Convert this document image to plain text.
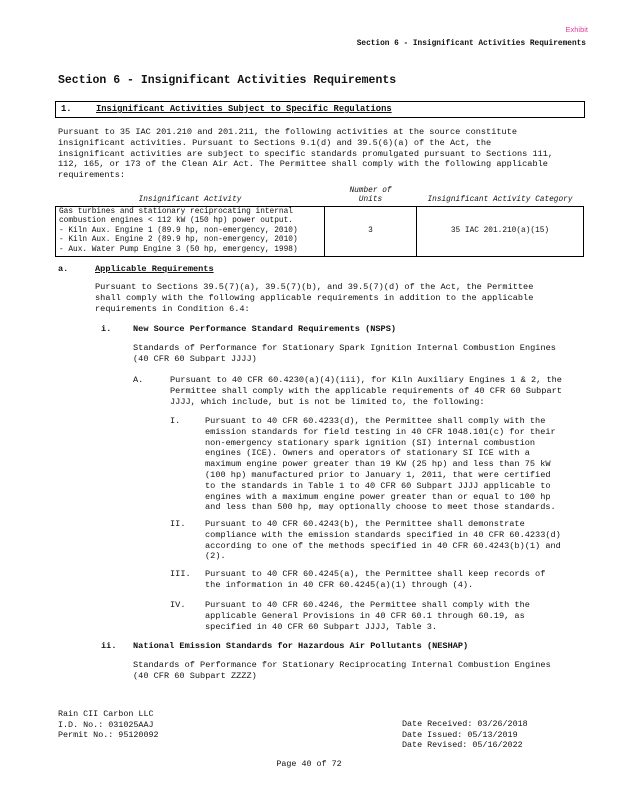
Exhibit
Section 6 - Insignificant Activities Requirements
Section 6 - Insignificant Activities Requirements
1.	Insignificant Activities Subject to Specific Regulations
Pursuant to 35 IAC 201.210 and 201.211, the following activities at the source constitute
insignificant activities. Pursuant to Sections 9.1(d) and 39.5(6)(a) of the Act, the
insignificant activities are subject to specific standards promulgated pursuant to Sections 111,
112, 165, or 173 of the Clean Air Act. The Permittee shall comply with the following applicable
requirements:
Insignificant Activity	Number of
Units	Insignificant Activity Category
Gas turbines and stationary reciprocating internal
combustion engines < 112 kW (150 hp) power output.
- Kiln Aux. Engine 1 (89.9 hp, non-emergency, 2010)
- Kiln Aux. Engine 2 (89.9 hp, non-emergency, 2010)
- Aux. Water Pump Engine 3 (50 hp, emergency, 1998)	3	35 IAC 201.210(a)(15)
a.	Applicable Requirements
Pursuant to Sections 39.5(7)(a), 39.5(7)(b), and 39.5(7)(d) of the Act, the Permittee
shall comply with the following applicable requirements in addition to the applicable
requirements in Condition 6.4:
i.	New Source Performance Standard Requirements (NSPS)
Standards of Performance for Stationary Spark Ignition Internal Combustion Engines
(40 CFR 60 Subpart JJJJ)
A.	Pursuant to 40 CFR 60.4230(a)(4)(iii), for Kiln Auxiliary Engines 1 & 2, the
Permittee shall comply with the applicable requirements of 40 CFR 60 Subpart
JJJJ, which include, but is not be limited to, the following:
I.	Pursuant to 40 CFR 60.4233(d), the Permittee shall comply with the
emission standards for field testing in 40 CFR 1048.101(c) for their
non-emergency stationary spark ignition (SI) internal combustion
engines (ICE). Owners and operators of stationary SI ICE with a
maximum engine power greater than 19 KW (25 hp) and less than 75 kW
(100 hp) manufactured prior to January 1, 2011, that were certified
to the standards in Table 1 to 40 CFR 60 Subpart JJJJ applicable to
engines with a maximum engine power greater than or equal to 100 hp
and less than 500 hp, may optionally choose to meet those standards.
II. Pursuant to 40 CFR 60.4243(b), the Permittee shall demonstrate
compliance with the emission standards specified in 40 CFR 60.4233(d)
according to one of the methods specified in 40 CFR 60.4243(b)(1) and
(2).
III. Pursuant to 40 CFR 60.4245(a), the Permittee shall keep records of
the information in 40 CFR 60.4245(a)(1) through (4).
IV. Pursuant to 40 CFR 60.4246, the Permittee shall comply with the
applicable General Provisions in 40 CFR 60.1 through 60.19, as
specified in 40 CFR 60 Subpart JJJJ, Table 3.
ii. National Emission Standards for Hazardous Air Pollutants (NESHAP)
Standards of Performance for Stationary Reciprocating Internal Combustion Engines
(40 CFR 60 Subpart ZZZZ)
Rain CII Carbon LLC
I.D. No.: 031025AAJ
Permit No.: 95120092
Date Received: 03/26/2018
Date Issued: 05/13/2019
Date Revised: 05/16/2022
Page 40 of 72
